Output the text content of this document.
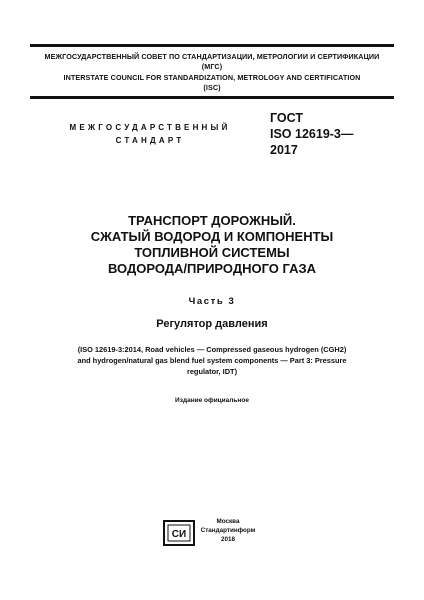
МЕЖГОСУДАРСТВЕННЫЙ СОВЕТ ПО СТАНДАРТИЗАЦИИ, МЕТРОЛОГИИ И СЕРТИФИКАЦИИ
(МГС)
INTERSTATE COUNCIL FOR STANDARDIZATION, METROLOGY AND CERTIFICATION
(ISC)
МЕЖГОСУДАРСТВЕННЫЙ
СТАНДАРТ
ГОСТ
ISO 12619-3—
2017
ТРАНСПОРТ ДОРОЖНЫЙ.
СЖАТЫЙ ВОДОРОД И КОМПОНЕНТЫ
ТОПЛИВНОЙ СИСТЕМЫ
ВОДОРОДА/ПРИРОДНОГО ГАЗА
Часть 3
Регулятор давления
(ISO 12619-3:2014, Road vehicles — Compressed gaseous hydrogen (CGH2)
and hydrogen/natural gas blend fuel system components — Part 3: Pressure
regulator, IDT)
Издание официальное
СИ
Москва
Стандартинформ
2018
